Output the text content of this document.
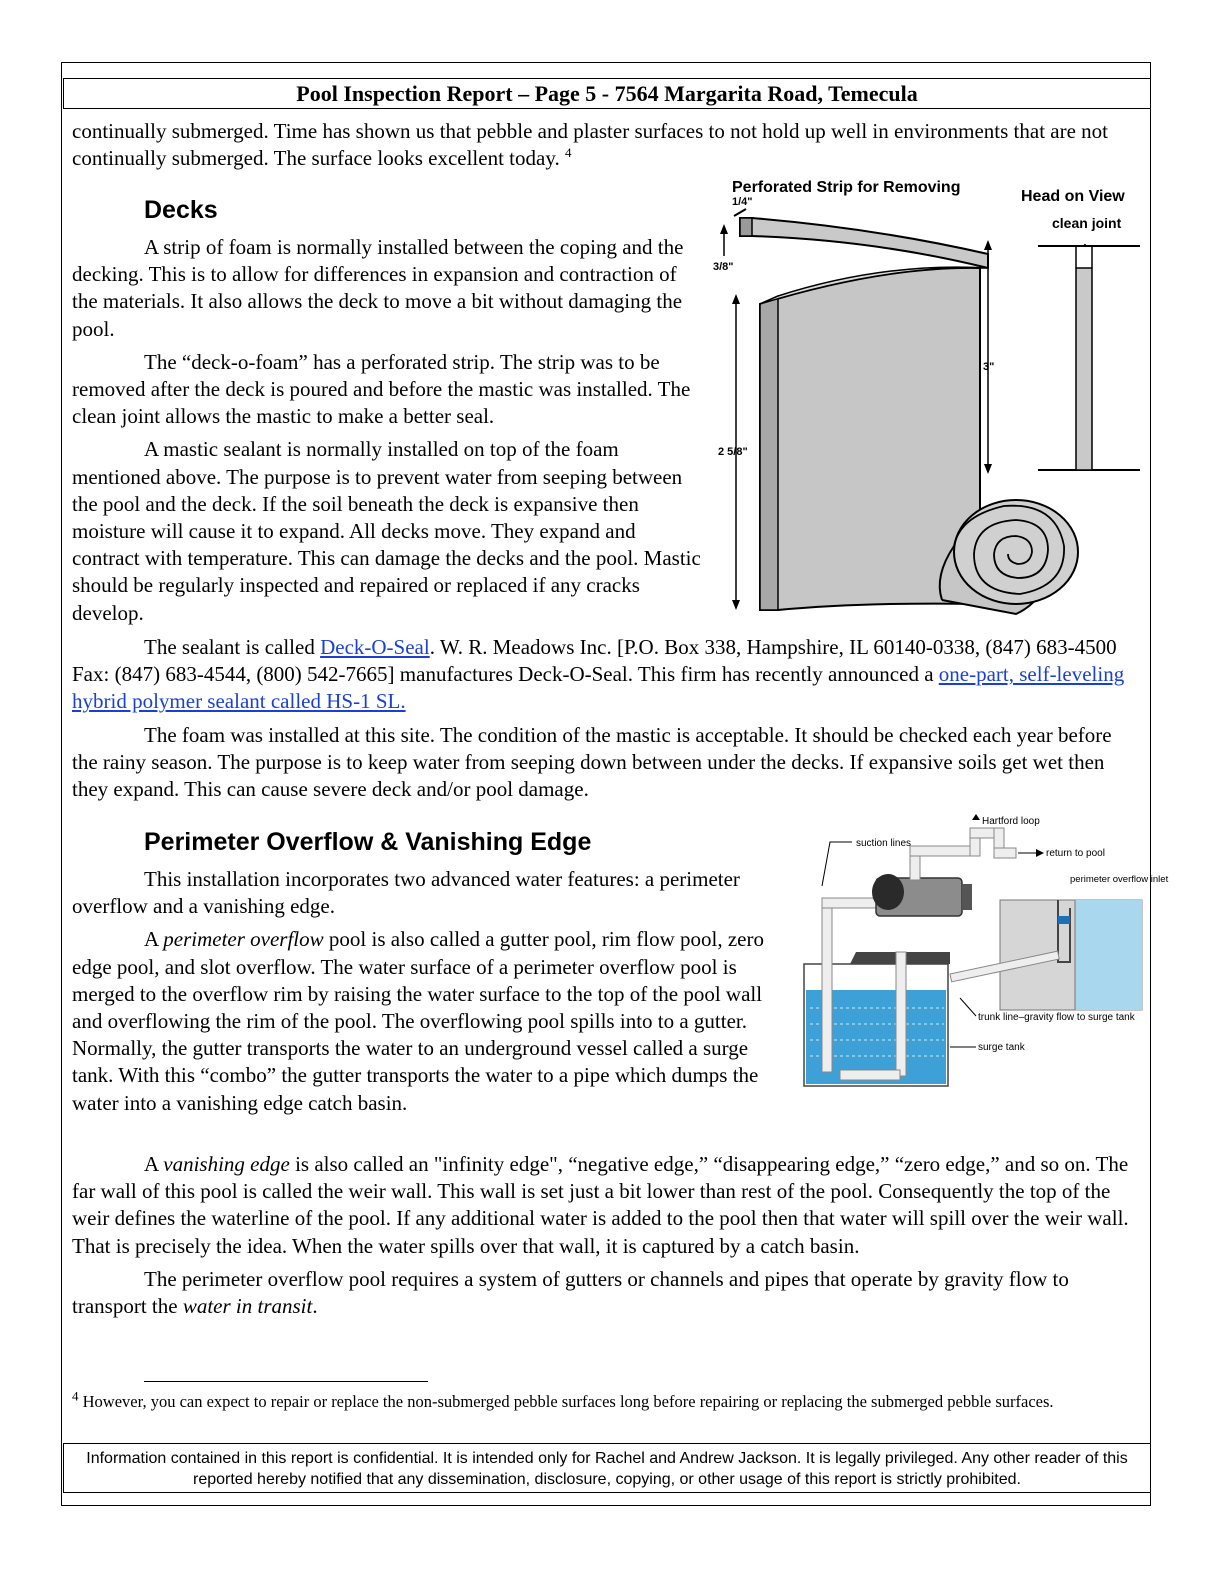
Pool Inspection Report – Page 5 - 7564 Margarita Road, Temecula

continually submerged. Time has shown us that pebble and plaster surfaces to not hold up well in environments that are not continually submerged. The surface looks excellent today. $^4$

Decks

A strip of foam is normally installed between the coping and the decking. This is to allow for differences in expansion and contraction of the materials. It also allows the deck to move a bit without damaging the pool.

The “deck-o-foam” has a perforated strip. The strip was to be removed after the deck is poured and before the mastic was installed. The clean joint allows the mastic to make a better seal.

A mastic sealant is normally installed on top of the foam mentioned above. The purpose is to prevent water from seeping between the pool and the deck. If the soil beneath the deck is expansive then moisture will cause it to expand. All decks move. They expand and contract with temperature. This can damage the decks and the pool. Mastic should be regularly inspected and repaired or replaced if any cracks develop.

The sealant is called Deck-O-Seal. W. R. Meadows Inc. [P.O. Box 338, Hampshire, IL 60140-0338, (847) 683-4500 Fax: (847) 683-4544, (800) 542-7665] manufactures Deck-O-Seal. This firm has recently announced a one-part, self-leveling hybrid polymer sealant called HS-1 SL.

The foam was installed at this site. The condition of the mastic is acceptable. It should be checked each year before the rainy season. The purpose is to keep water from seeping down between under the decks. If expansive soils get wet then they expand. This can cause severe deck and/or pool damage.

Perforated Strip for Removing
Head on View
1/4"
3/8"
2 5/8"
3"
clean joint
Perimeter Overflow & Vanishing Edge

This installation incorporates two advanced water features: a perimeter overflow and a vanishing edge.

A perimeter overflow pool is also called a gutter pool, rim flow pool, zero edge pool, and slot overflow. The water surface of a perimeter overflow pool is merged to the overflow rim by raising the water surface to the top of the pool wall and overflowing the rim of the pool. The overflowing pool spills into to a gutter. Normally, the gutter transports the water to an underground vessel called a surge tank. With this “combo” the gutter transports the water to a pipe which dumps the water into a vanishing edge catch basin.

A vanishing edge is also called an "infinity edge", “negative edge,” “disappearing edge,” “zero edge,” and so on. The far wall of this pool is called the weir wall. This wall is set just a bit lower than rest of the pool. Consequently the top of the weir defines the waterline of the pool. If any additional water is added to the pool then that water will spill over the weir wall. That is precisely the idea. When the water spills over that wall, it is captured by a catch basin.

The perimeter overflow pool requires a system of gutters or channels and pipes that operate by gravity flow to transport the water in transit.

Hartford loop
suction lines
return to pool
perimeter overflow inlet
trunk line–gravity flow to surge tank
surge tank
$^4$ However, you can expect to repair or replace the non-submerged pebble surfaces long before repairing or replacing the submerged pebble surfaces.
Information contained in this report is confidential. It is intended only for Rachel and Andrew Jackson. It is legally privileged. Any other reader of this reported hereby notified that any dissemination, disclosure, copying, or other usage of this report is strictly prohibited.
